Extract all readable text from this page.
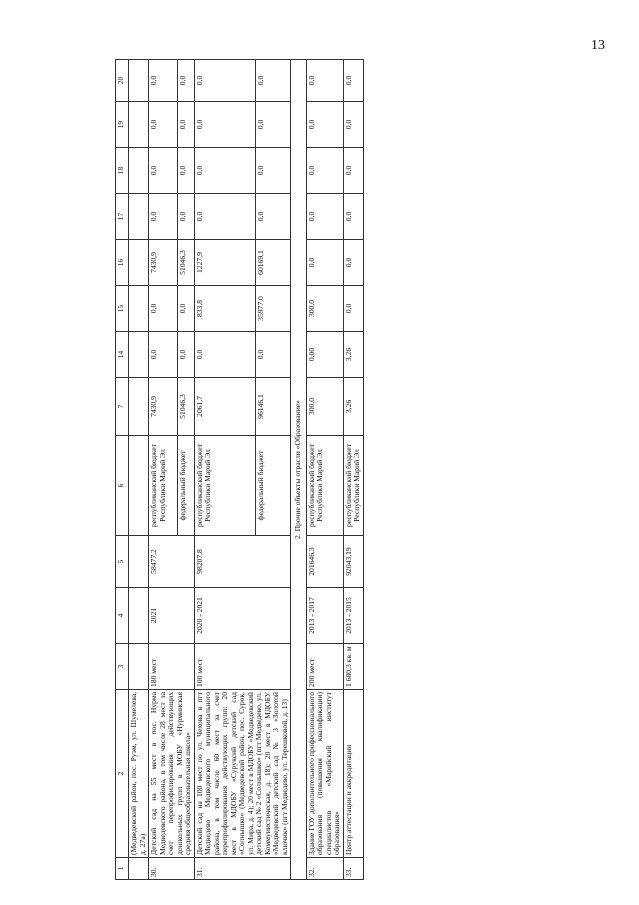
13
1	2	3	4	5	6	7	14	15	16	17	18	19	20
	(Медведевский район, пос. Руэм, ул. Шумелева, д. 27а)												
30.	Детский сад на 55 мест в пос. Нурма Медведевского района, в том числе 28 мест за счет перепрофилирования действующих дошкольных групп в МОБУ «Нурминская средняя общеобразовательная школа»	180 мест	2021	58477,2	республиканский бюджет Республики Марий Эл	7430,9	0,0	0,0	7430,9	0,0	0,0	0,0	0,0
					федеральный бюджет	51046,3	0,0	0,0	51046,3	0,0	0,0	0,0	0,0
31.	Детский сад на 100 мест по ул. Чехова в пгт Медведево Медведевского муниципального района, в том числе 60 мест за счет перепрофилирования действующих групп: 20 мест в МДОБУ «Суруксий детский сад «Солнышко» (Медведевский район, пос. Сурок, ул. Мира, д. 4); 20 мест в МДОБУ «Медведевский детский сад № 2 «Солнышко» (пгт Медведево, ул. Коммунистическая, д. 18); 20 мест в МДОБУ «Медведевский детский сад № 3 «Золотой ключик» (пгт Медведево, ул. Терешковой, д. 13)	100 мест	2020 - 2021	98207,8	республиканский бюджет Республики Марий Эл	2061,7	0,0	833,8	1227,9	0,0	0,0	0,0	0,0
					федеральный бюджет	96146,1	0,0	35977,0	60169,1	0,0	0,0	0,0	0,0
2. Прочие объекты отрасли «Образование»													
32.	Здание ГОУ дополнительного профессионального образования (повышения квалификации) специалистов «Марийский институт образования»	200 мест	2013 - 2017	201646,3	республиканский бюджет Республики Марий Эл	300,0	0,00	300,0	0,0	0,0	0,0	0,0	0,0
33.	Центр аттестации и аккредитации	1 680,3 кв. м	2013 - 2015	92043,19	республиканский бюджет Республики Марий Эл	3,26	3,26	0,0	0,0	0,0	0,0	0,0	0,0
